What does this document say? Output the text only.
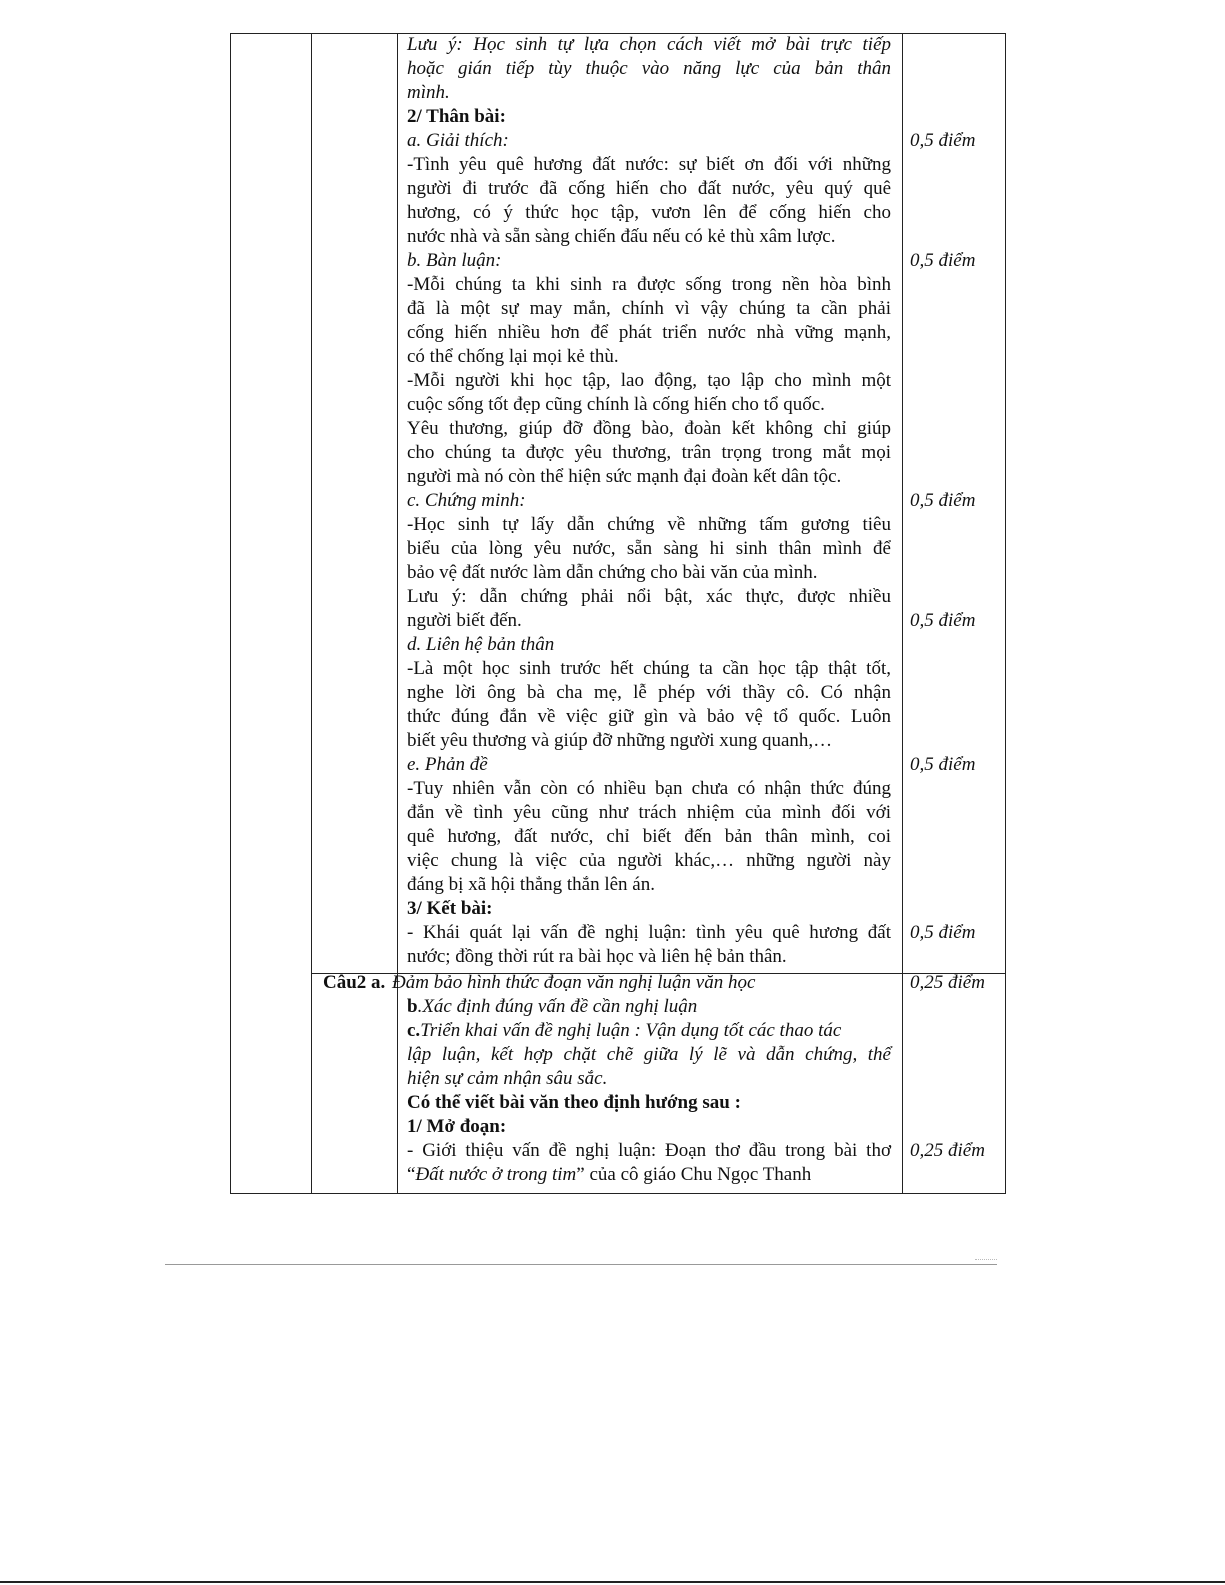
Lưu ý: Học sinh tự lựa chọn cách viết mở bài trực tiếp

hoặc gián tiếp tùy thuộc vào năng lực của bản thân

mình.

2/ Thân bài:

a. Giải thích:

-Tình yêu quê hương đất nước: sự biết ơn đối với những

người đi trước đã cống hiến cho đất nước, yêu quý quê

hương, có ý thức học tập, vươn lên để cống hiến cho

nước nhà và sẵn sàng chiến đấu nếu có kẻ thù xâm lược.

b. Bàn luận:

-Mỗi chúng ta khi sinh ra được sống trong nền hòa bình

đã là một sự may mắn, chính vì vậy chúng ta cần phải

cống hiến nhiều hơn để phát triển nước nhà vững mạnh,

có thể chống lại mọi kẻ thù.

-Mỗi người khi học tập, lao động, tạo lập cho mình một

cuộc sống tốt đẹp cũng chính là cống hiến cho tổ quốc.

Yêu thương, giúp đỡ đồng bào, đoàn kết không chỉ giúp

cho chúng ta được yêu thương, trân trọng trong mắt mọi

người mà nó còn thể hiện sức mạnh đại đoàn kết dân tộc.

c. Chứng minh:

-Học sinh tự lấy dẫn chứng về những tấm gương tiêu

biểu của lòng yêu nước, sẵn sàng hi sinh thân mình để

bảo vệ đất nước làm dẫn chứng cho bài văn của mình.

Lưu ý: dẫn chứng phải nổi bật, xác thực, được nhiều

người biết đến.

d. Liên hệ bản thân

-Là một học sinh trước hết chúng ta cần học tập thật tốt,

nghe lời ông bà cha mẹ, lễ phép với thầy cô. Có nhận

thức đúng đắn về việc giữ gìn và bảo vệ tổ quốc. Luôn

biết yêu thương và giúp đỡ những người xung quanh,…

e. Phản đề

-Tuy nhiên vẫn còn có nhiều bạn chưa có nhận thức đúng

đắn về tình yêu cũng như trách nhiệm của mình đối với

quê hương, đất nước, chỉ biết đến bản thân mình, coi

việc chung là việc của người khác,… những người này

đáng bị xã hội thẳng thắn lên án.

3/ Kết bài:

- Khái quát lại vấn đề nghị luận: tình yêu quê hương đất

nước; đồng thời rút ra bài học và liên hệ bản thân.

Câu2 a. Đảm bảo hình thức đoạn văn nghị luận văn học

b.Xác định đúng vấn đề cần nghị luận

c.Triển khai vấn đề nghị luận : Vận dụng tốt các thao tác

lập luận, kết hợp chặt chẽ giữa lý lẽ và dẫn chứng, thể

hiện sự cảm nhận sâu sắc.

Có thể viết bài văn theo định hướng sau :

1/ Mở đoạn:

- Giới thiệu vấn đề nghị luận: Đoạn thơ đầu trong bài thơ

“Đất nước ở trong tim” của cô giáo Chu Ngọc Thanh

0,5 điểm
0,5 điểm
0,5 điểm
0,5 điểm
0,5 điểm
0,5 điểm
0,25 điểm
0,25 điểm
